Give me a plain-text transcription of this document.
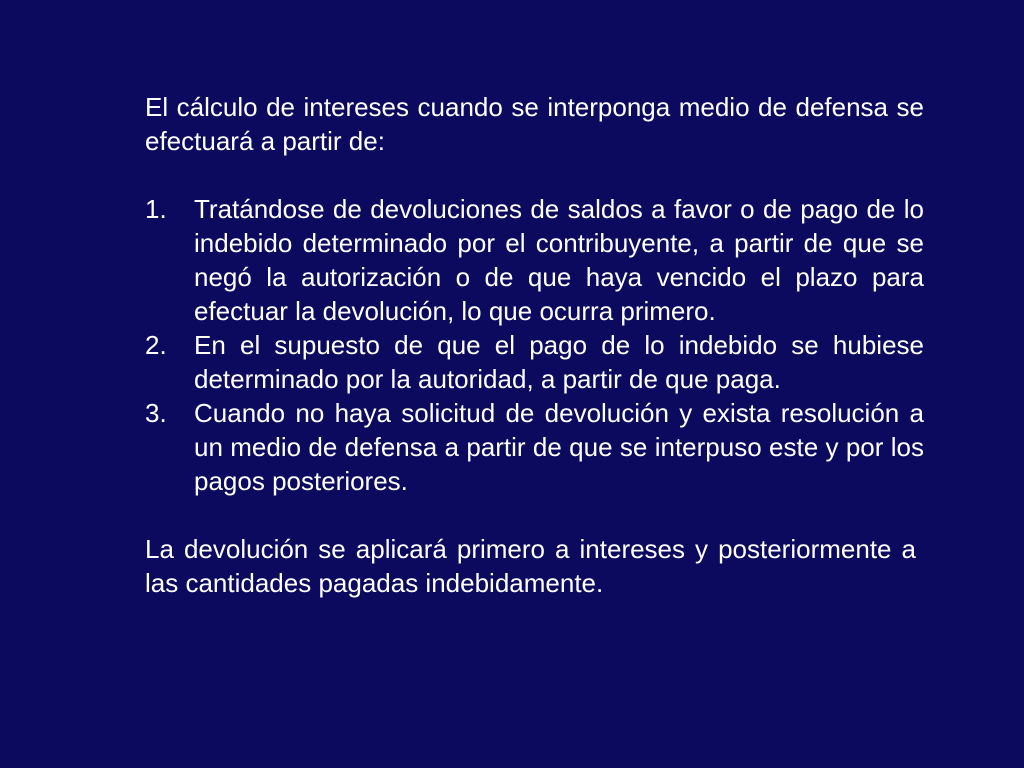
El cálculo de intereses cuando se interponga medio de defensa se efectuará a partir de:

1. Tratándose de devoluciones de saldos a favor o de pago de lo indebido determinado por el contribuyente, a partir de que se negó la autorización o de que haya vencido el plazo para efectuar la devolución, lo que ocurra primero.
2. En el supuesto de que el pago de lo indebido se hubiese determinado por la autoridad, a partir de que paga.
3. Cuando no haya solicitud de devolución y exista resolución a un medio de defensa a partir de que se interpuso este y por los pagos posteriores.

La devolución se aplicará primero a intereses y posteriormente a las cantidades pagadas indebidamente.
